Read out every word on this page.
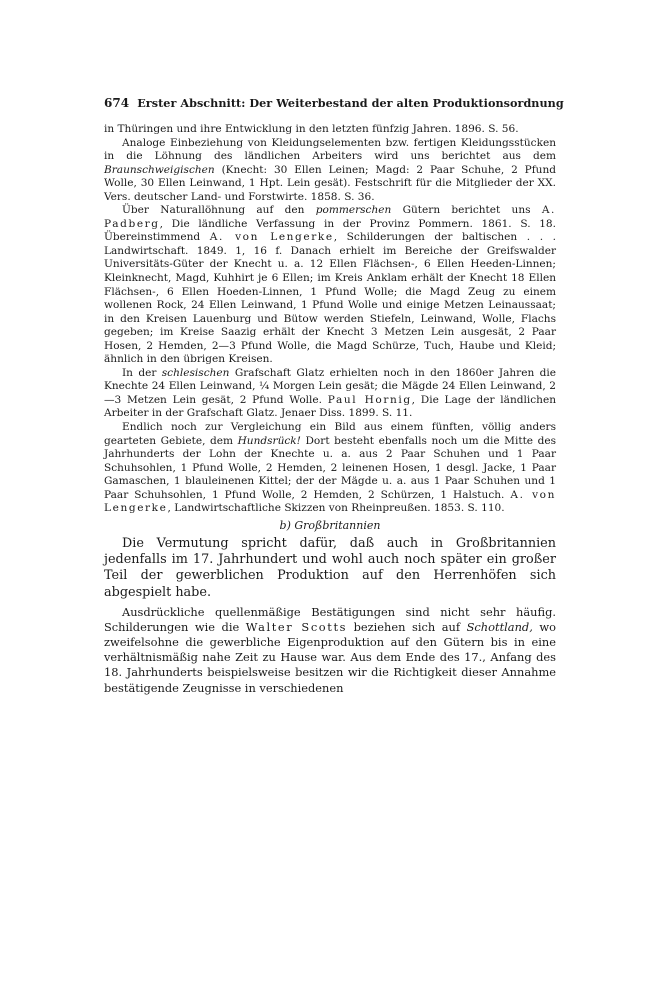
674 Erster Abschnitt: Der Weiterbestand der alten Produktionsordnung

in Thüringen und ihre Entwicklung in den letzten fünfzig Jahren. 1896. S. 56.

Analoge Einbeziehung von Kleidungselementen bzw. fertigen Kleidungsstücken in die Löhnung des ländlichen Arbeiters wird uns berichtet aus dem Braunschweigischen (Knecht: 30 Ellen Leinen; Magd: 2 Paar Schuhe, 2 Pfund Wolle, 30 Ellen Leinwand, 1 Hpt. Lein gesät). Festschrift für die Mitglieder der XX. Vers. deutscher Land- und Forstwirte. 1858. S. 36.

Über Naturallöhnung auf den pommerschen Gütern berichtet uns A. Padberg, Die ländliche Verfassung in der Provinz Pommern. 1861. S. 18. Übereinstimmend A. von Lengerke, Schilderungen der baltischen . . . Landwirtschaft. 1849. 1, 16 f. Danach erhielt im Bereiche der Greifswalder Universitäts-Güter der Knecht u. a. 12 Ellen Flächsen-, 6 Ellen Heeden-Linnen; Kleinknecht, Magd, Kuhhirt je 6 Ellen; im Kreis Anklam erhält der Knecht 18 Ellen Flächsen-, 6 Ellen Hoeden-Linnen, 1 Pfund Wolle; die Magd Zeug zu einem wollenen Rock, 24 Ellen Leinwand, 1 Pfund Wolle und einige Metzen Leinaussaat; in den Kreisen Lauenburg und Bütow werden Stiefeln, Leinwand, Wolle, Flachs gegeben; im Kreise Saazig erhält der Knecht 3 Metzen Lein ausgesät, 2 Paar Hosen, 2 Hemden, 2—3 Pfund Wolle, die Magd Schürze, Tuch, Haube und Kleid; ähnlich in den übrigen Kreisen.

In der schlesischen Grafschaft Glatz erhielten noch in den 1860er Jahren die Knechte 24 Ellen Leinwand, ¼ Morgen Lein gesät; die Mägde 24 Ellen Leinwand, 2—3 Metzen Lein gesät, 2 Pfund Wolle. Paul Hornig, Die Lage der ländlichen Arbeiter in der Grafschaft Glatz. Jenaer Diss. 1899. S. 11.

Endlich noch zur Vergleichung ein Bild aus einem fünften, völlig anders gearteten Gebiete, dem Hundsrück! Dort besteht ebenfalls noch um die Mitte des Jahrhunderts der Lohn der Knechte u. a. aus 2 Paar Schuhen und 1 Paar Schuhsohlen, 1 Pfund Wolle, 2 Hemden, 2 leinenen Hosen, 1 desgl. Jacke, 1 Paar Gamaschen, 1 blauleinenen Kittel; der der Mägde u. a. aus 1 Paar Schuhen und 1 Paar Schuhsohlen, 1 Pfund Wolle, 2 Hemden, 2 Schürzen, 1 Halstuch. A. von Lengerke, Landwirtschaftliche Skizzen von Rheinpreußen. 1853. S. 110.

b) Großbritannien

Die Vermutung spricht dafür, daß auch in Großbritannien jedenfalls im 17. Jahrhundert und wohl auch noch später ein großer Teil der gewerblichen Produktion auf den Herrenhöfen sich abgespielt habe.

Ausdrückliche quellenmäßige Bestätigungen sind nicht sehr häufig. Schilderungen wie die Walter Scotts beziehen sich auf Schottland, wo zweifelsohne die gewerbliche Eigenproduktion auf den Gütern bis in eine verhältnismäßig nahe Zeit zu Hause war. Aus dem Ende des 17., Anfang des 18. Jahrhunderts beispielsweise besitzen wir die Richtigkeit dieser Annahme bestätigende Zeugnisse in verschiedenen
